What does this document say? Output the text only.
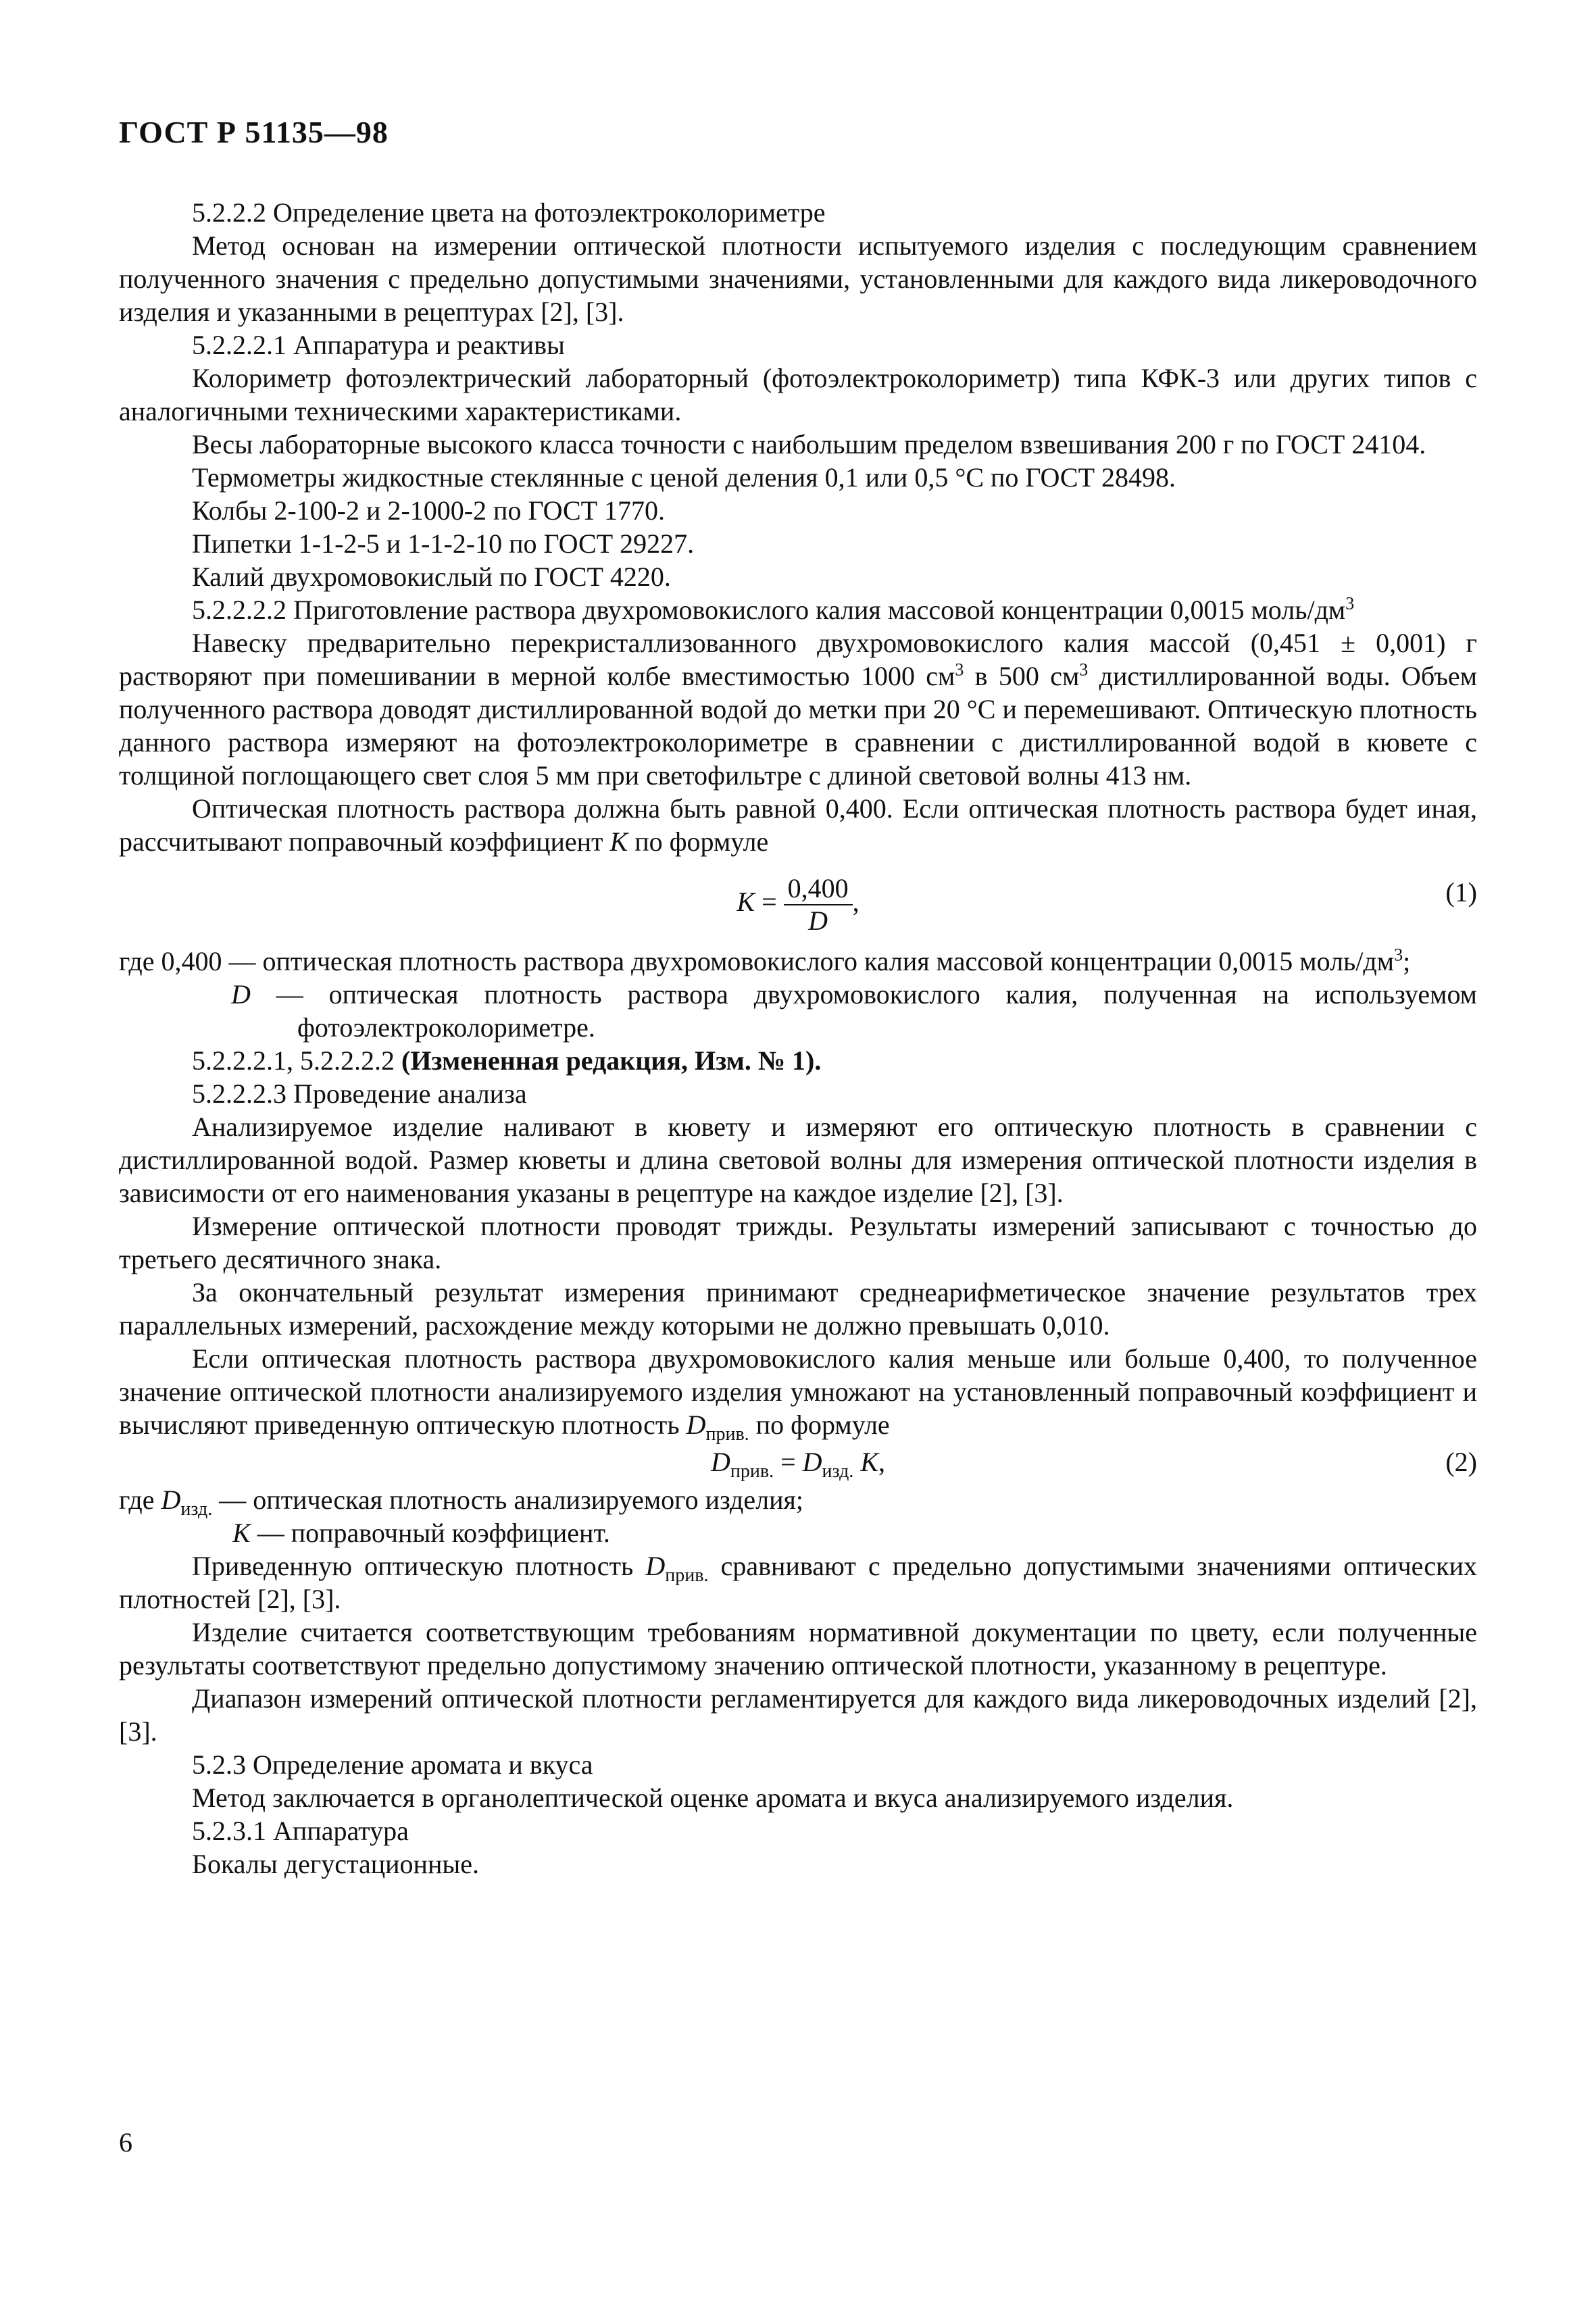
ГОСТ Р 51135—98

5.2.2.2 Определение цвета на фотоэлектроколориметре

Метод основан на измерении оптической плотности испытуемого изделия с последующим сравнением полученного значения с предельно допустимыми значениями, установленными для каждого вида ликероводочного изделия и указанными в рецептурах [2], [3].

5.2.2.2.1 Аппаратура и реактивы

Колориметр фотоэлектрический лабораторный (фотоэлектроколориметр) типа КФК-3 или других типов с аналогичными техническими характеристиками.

Весы лабораторные высокого класса точности с наибольшим пределом взвешивания 200 г по ГОСТ 24104.

Термометры жидкостные стеклянные с ценой деления 0,1 или 0,5 °С по ГОСТ 28498.

Колбы 2-100-2 и 2-1000-2 по ГОСТ 1770.

Пипетки 1-1-2-5 и 1-1-2-10 по ГОСТ 29227.

Калий двухромовокислый по ГОСТ 4220.

5.2.2.2.2 Приготовление раствора двухромовокислого калия массовой концентрации 0,0015 моль/$дм^3$

Навеску предварительно перекристаллизованного двухромовокислого калия массой (0,451 ± 0,001) г растворяют при помешивании в мерной колбе вместимостью 1000 $см^3$ в 500 $см^3$ дистиллированной воды. Объем полученного раствора доводят дистиллированной водой до метки при 20 °С и перемешивают. Оптическую плотность данного раствора измеряют на фотоэлектроколориметре в сравнении с дистиллированной водой в кювете с толщиной поглощающего свет слоя 5 мм при светофильтре с длиной световой волны 413 нм.

Оптическая плотность раствора должна быть равной 0,400. Если оптическая плотность раствора будет иная, рассчитывают поправочный коэффициент K по формуле

$K = \frac{0,400}{D}$ ,	(1)

где 0,400 — оптическая плотность раствора двухромовокислого калия массовой концентрации 0,0015 моль/$дм^3$;

D — оптическая плотность раствора двухромовокислого калия, полученная на используемом фотоэлектроколориметре.

5.2.2.2.1, 5.2.2.2.2 (Измененная редакция, Изм. № 1).

5.2.2.2.3 Проведение анализа

Анализируемое изделие наливают в кювету и измеряют его оптическую плотность в сравнении с дистиллированной водой. Размер кюветы и длина световой волны для измерения оптической плотности изделия в зависимости от его наименования указаны в рецептуре на каждое изделие [2], [3].

Измерение оптической плотности проводят трижды. Результаты измерений записывают с точностью до третьего десятичного знака.

За окончательный результат измерения принимают среднеарифметическое значение результатов трех параллельных измерений, расхождение между которыми не должно превышать 0,010.

Если оптическая плотность раствора двухромовокислого калия меньше или больше 0,400, то полученное значение оптической плотности анализируемого изделия умножают на установленный поправочный коэффициент и вычисляют приведенную оптическую плотность $D_{прив.}$ по формуле

$D_{прив.} = D_{изд.}$ K,	(2)

где $D_{изд.}$ — оптическая плотность анализируемого изделия;

K — поправочный коэффициент.

Приведенную оптическую плотность $D_{прив.}$ сравнивают с предельно допустимыми значениями оптических плотностей [2], [3].

Изделие считается соответствующим требованиям нормативной документации по цвету, если полученные результаты соответствуют предельно допустимому значению оптической плотности, указанному в рецептуре.

Диапазон измерений оптической плотности регламентируется для каждого вида ликероводочных изделий [2], [3].

5.2.3 Определение аромата и вкуса

Метод заключается в органолептической оценке аромата и вкуса анализируемого изделия.

5.2.3.1 Аппаратура

Бокалы дегустационные.

6
